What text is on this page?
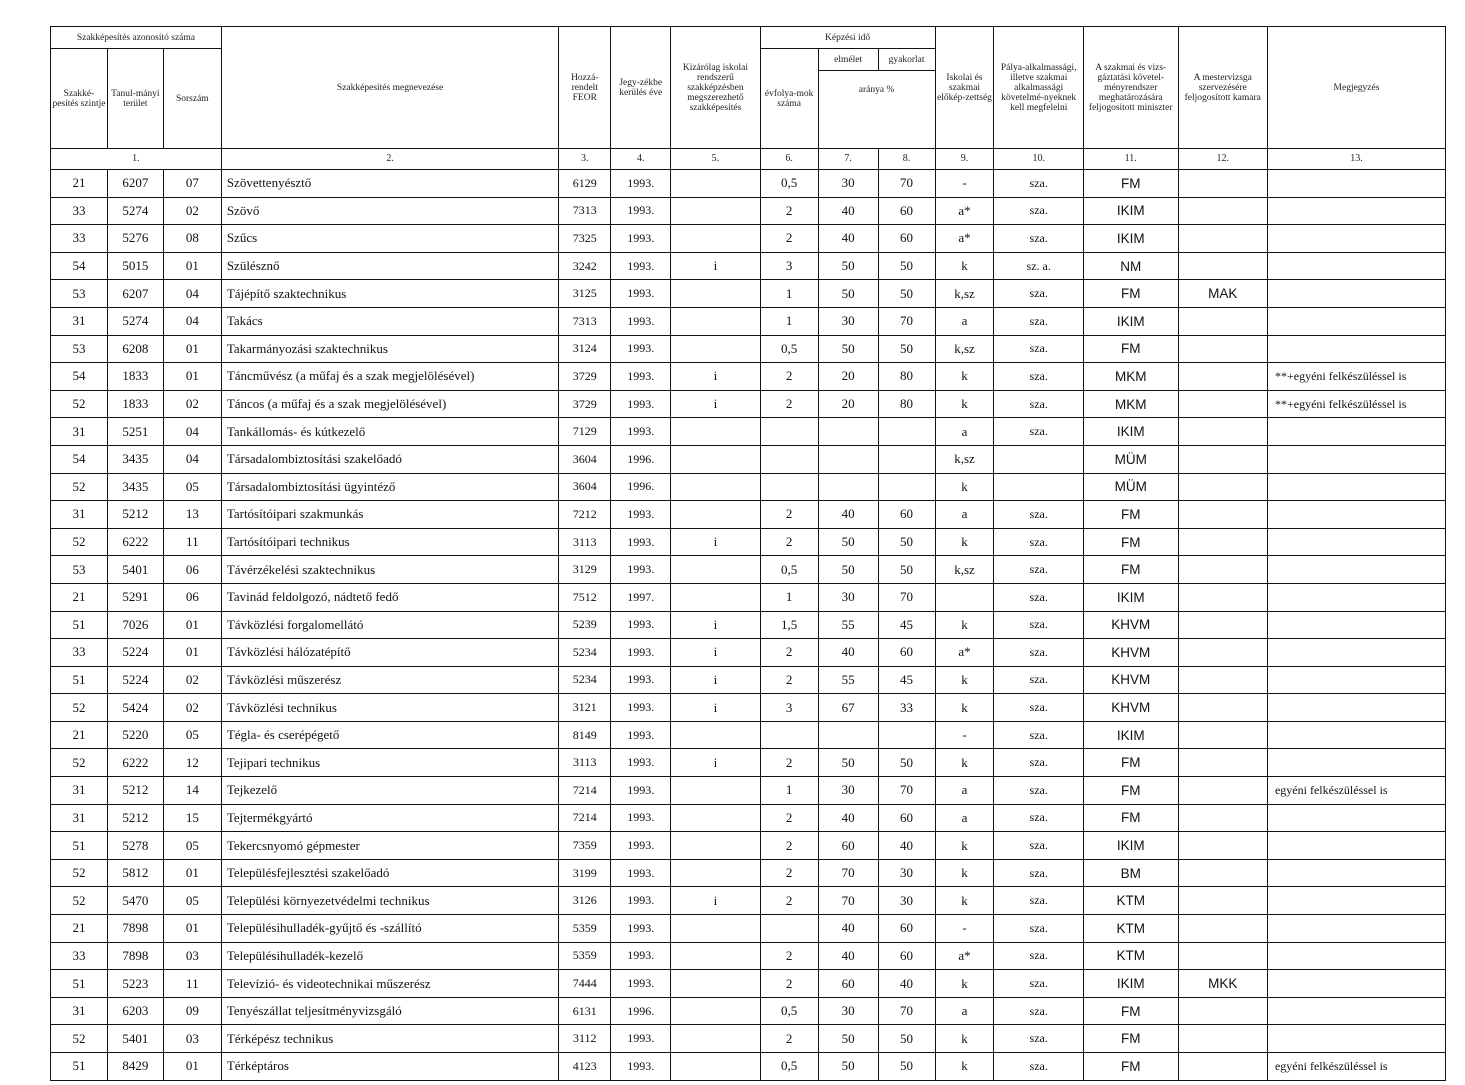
Szakképesítés azonosító száma			Szakképesítés megnevezése	Hozzá-rendelt FEOR	Jegy-zékbe kerülés éve	Kizárólag iskolai rendszerű szakképzésben megszerezhető szakképesítés	Képzési idő			Iskolai és szakmai előkép-zettség	Pálya-alkalmassági, illetve szakmai alkalmassági követelmé-nyeknek kell megfelelni	A szakmai és vizs-gáztatási követel-ményrendszer meghatározására feljogosított miniszter	A mestervizsga szervezésére feljogosított kamara	Megjegyzés
Szakké-pesítés szintje	Tanul-mányi terület	Sorszám					évfolya-mok száma	elmélet	gyakorlat					
								aránya %						
1.			2.	3.	4.	5.	6.	7.	8.	9.	10.	11.	12.	13.
21	6207	07	Szövettenyésztő	6129	1993.		0,5	30	70	-	sza.	FM		
33	5274	02	Szövő	7313	1993.		2	40	60	a*	sza.	IKIM		
33	5276	08	Szűcs	7325	1993.		2	40	60	a*	sza.	IKIM		
54	5015	01	Szülésznő	3242	1993.	i	3	50	50	k	sz. a.	NM		
53	6207	04	Tájépítő szaktechnikus	3125	1993.		1	50	50	k,sz	sza.	FM	MAK	
31	5274	04	Takács	7313	1993.		1	30	70	a	sza.	IKIM		
53	6208	01	Takarmányozási szaktechnikus	3124	1993.		0,5	50	50	k,sz	sza.	FM		
54	1833	01	Táncművész (a műfaj és a szak megjelölésével)	3729	1993.	i	2	20	80	k	sza.	MKM		**+egyéni felkészüléssel is
52	1833	02	Táncos (a műfaj és a szak megjelölésével)	3729	1993.	i	2	20	80	k	sza.	MKM		**+egyéni felkészüléssel is
31	5251	04	Tankállomás- és kútkezelő	7129	1993.					a	sza.	IKIM		
54	3435	04	Társadalombiztosítási szakelőadó	3604	1996.					k,sz		MÜM		
52	3435	05	Társadalombiztosítási ügyintéző	3604	1996.					k		MÜM		
31	5212	13	Tartósítóipari szakmunkás	7212	1993.		2	40	60	a	sza.	FM		
52	6222	11	Tartósítóipari technikus	3113	1993.	i	2	50	50	k	sza.	FM		
53	5401	06	Távérzékelési szaktechnikus	3129	1993.		0,5	50	50	k,sz	sza.	FM		
21	5291	06	Tavinád feldolgozó, nádtető fedő	7512	1997.		1	30	70		sza.	IKIM		
51	7026	01	Távközlési forgalomellátó	5239	1993.	i	1,5	55	45	k	sza.	KHVM		
33	5224	01	Távközlési hálózatépítő	5234	1993.	i	2	40	60	a*	sza.	KHVM		
51	5224	02	Távközlési műszerész	5234	1993.	i	2	55	45	k	sza.	KHVM		
52	5424	02	Távközlési technikus	3121	1993.	i	3	67	33	k	sza.	KHVM		
21	5220	05	Tégla- és cserépégető	8149	1993.					-	sza.	IKIM		
52	6222	12	Tejipari technikus	3113	1993.	i	2	50	50	k	sza.	FM		
31	5212	14	Tejkezelő	7214	1993.		1	30	70	a	sza.	FM		egyéni felkészüléssel is
31	5212	15	Tejtermékgyártó	7214	1993.		2	40	60	a	sza.	FM		
51	5278	05	Tekercsnyomó gépmester	7359	1993.		2	60	40	k	sza.	IKIM		
52	5812	01	Településfejlesztési szakelőadó	3199	1993.		2	70	30	k	sza.	BM		
52	5470	05	Települési környezetvédelmi technikus	3126	1993.	i	2	70	30	k	sza.	KTM		
21	7898	01	Településihulladék-gyűjtő és -szállító	5359	1993.			40	60	-	sza.	KTM		
33	7898	03	Településihulladék-kezelő	5359	1993.		2	40	60	a*	sza.	KTM		
51	5223	11	Televízió- és videotechnikai műszerész	7444	1993.		2	60	40	k	sza.	IKIM	MKK	
31	6203	09	Tenyészállat teljesítményvizsgáló	6131	1996.		0,5	30	70	a	sza.	FM		
52	5401	03	Térképész technikus	3112	1993.		2	50	50	k	sza.	FM		
51	8429	01	Térképtáros	4123	1993.		0,5	50	50	k	sza.	FM		egyéni felkészüléssel is
